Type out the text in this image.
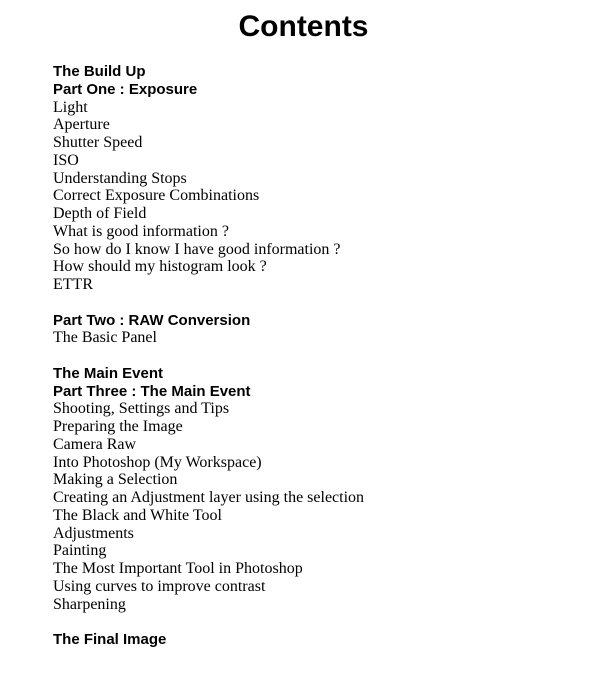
Contents
The Build Up
Part One : Exposure
Light
Aperture
Shutter Speed
ISO
Understanding Stops
Correct Exposure Combinations
Depth of Field
What is good information ?
So how do I know I have good information ?
How should my histogram look ?
ETTR
Part Two : RAW Conversion
The Basic Panel
The Main Event
Part Three : The Main Event
Shooting, Settings and Tips
Preparing the Image
Camera Raw
Into Photoshop (My Workspace)
Making a Selection
Creating an Adjustment layer using the selection
The Black and White Tool
Adjustments
Painting
The Most Important Tool in Photoshop
Using curves to improve contrast
Sharpening
The Final Image
